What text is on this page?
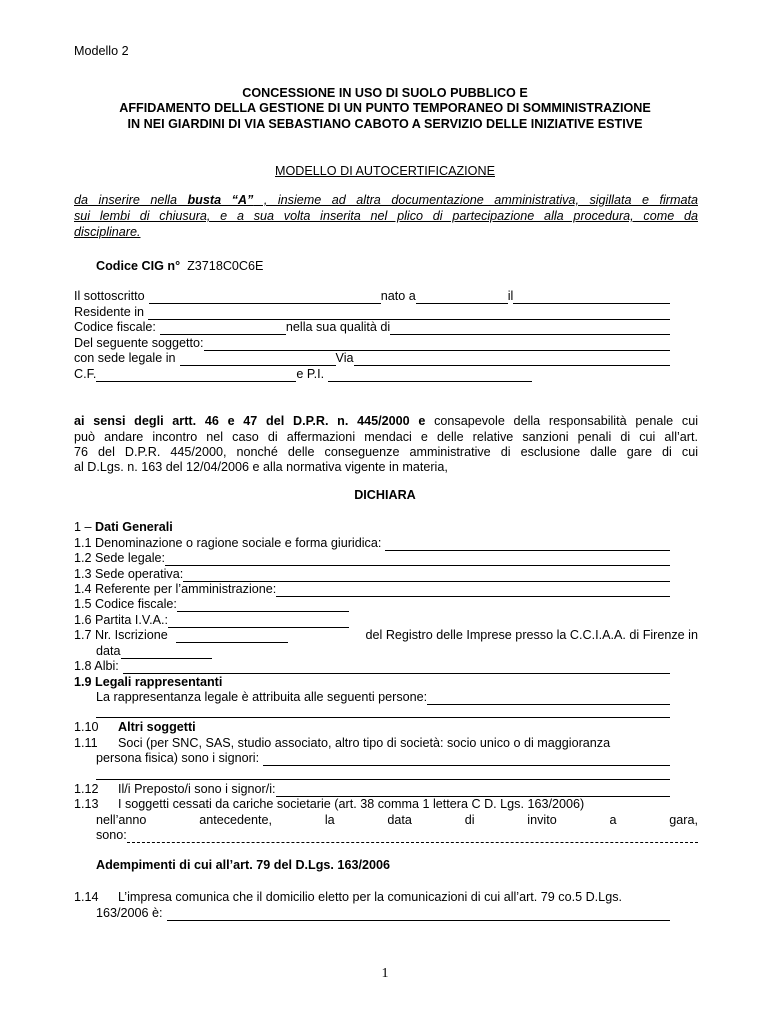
Modello 2
CONCESSIONE IN USO DI SUOLO PUBBLICO E
AFFIDAMENTO DELLA GESTIONE DI UN PUNTO TEMPORANEO DI SOMMINISTRAZIONE
IN NEI GIARDINI DI VIA SEBASTIANO CABOTO A SERVIZIO DELLE INIZIATIVE ESTIVE
MODELLO DI AUTOCERTIFICAZIONE
da inserire nella busta “A” , insieme ad altra documentazione amministrativa, sigillata e firmata
sui lembi di chiusura, e a sua volta inserita nel plico di partecipazione alla procedura, come da
disciplinare.
Codice CIG n° Z3718C0C6E
Il sottoscritto	nato a	il
Residente in
Codice fiscale:	nella sua qualità di
Del seguente soggetto:
con sede legale in	Via
C.F.	e P.I.
ai sensi degli artt. 46 e 47 del D.P.R. n. 445/2000 e consapevole della responsabilità penale cui
può andare incontro nel caso di affermazioni mendaci e delle relative sanzioni penali di cui all’art.
76 del D.P.R. 445/2000, nonché delle conseguenze amministrative di esclusione dalle gare di cui
al D.Lgs. n. 163 del 12/04/2006 e alla normativa vigente in materia,
DICHIARA
1 – Dati Generali
1.1 Denominazione o ragione sociale e forma giuridica:
1.2 Sede legale:
1.3 Sede operativa:
1.4 Referente per l’amministrazione:
1.5 Codice fiscale:
1.6 Partita I.V.A.:
1.7 Nr. Iscrizione	del Registro delle Imprese presso la C.C.I.A.A. di Firenze in
data
1.8 Albi:
1.9 Legali rappresentanti
La rappresentanza legale è attribuita alle seguenti persone:
1.10 Altri soggetti
1.11 Soci (per SNC, SAS, studio associato, altro tipo di società: socio unico o di maggioranza
persona fisica) sono i signori:
1.12 Il/i Preposto/i sono i signor/i:
1.13 I soggetti cessati da cariche societarie (art. 38 comma 1 lettera C D. Lgs. 163/2006)
nell’anno antecedente, la data di invito a gara,
sono:
Adempimenti di cui all’art. 79 del D.Lgs. 163/2006
1.14 L’impresa comunica che il domicilio eletto per la comunicazioni di cui all’art. 79 co.5 D.Lgs.
163/2006 è:
1
